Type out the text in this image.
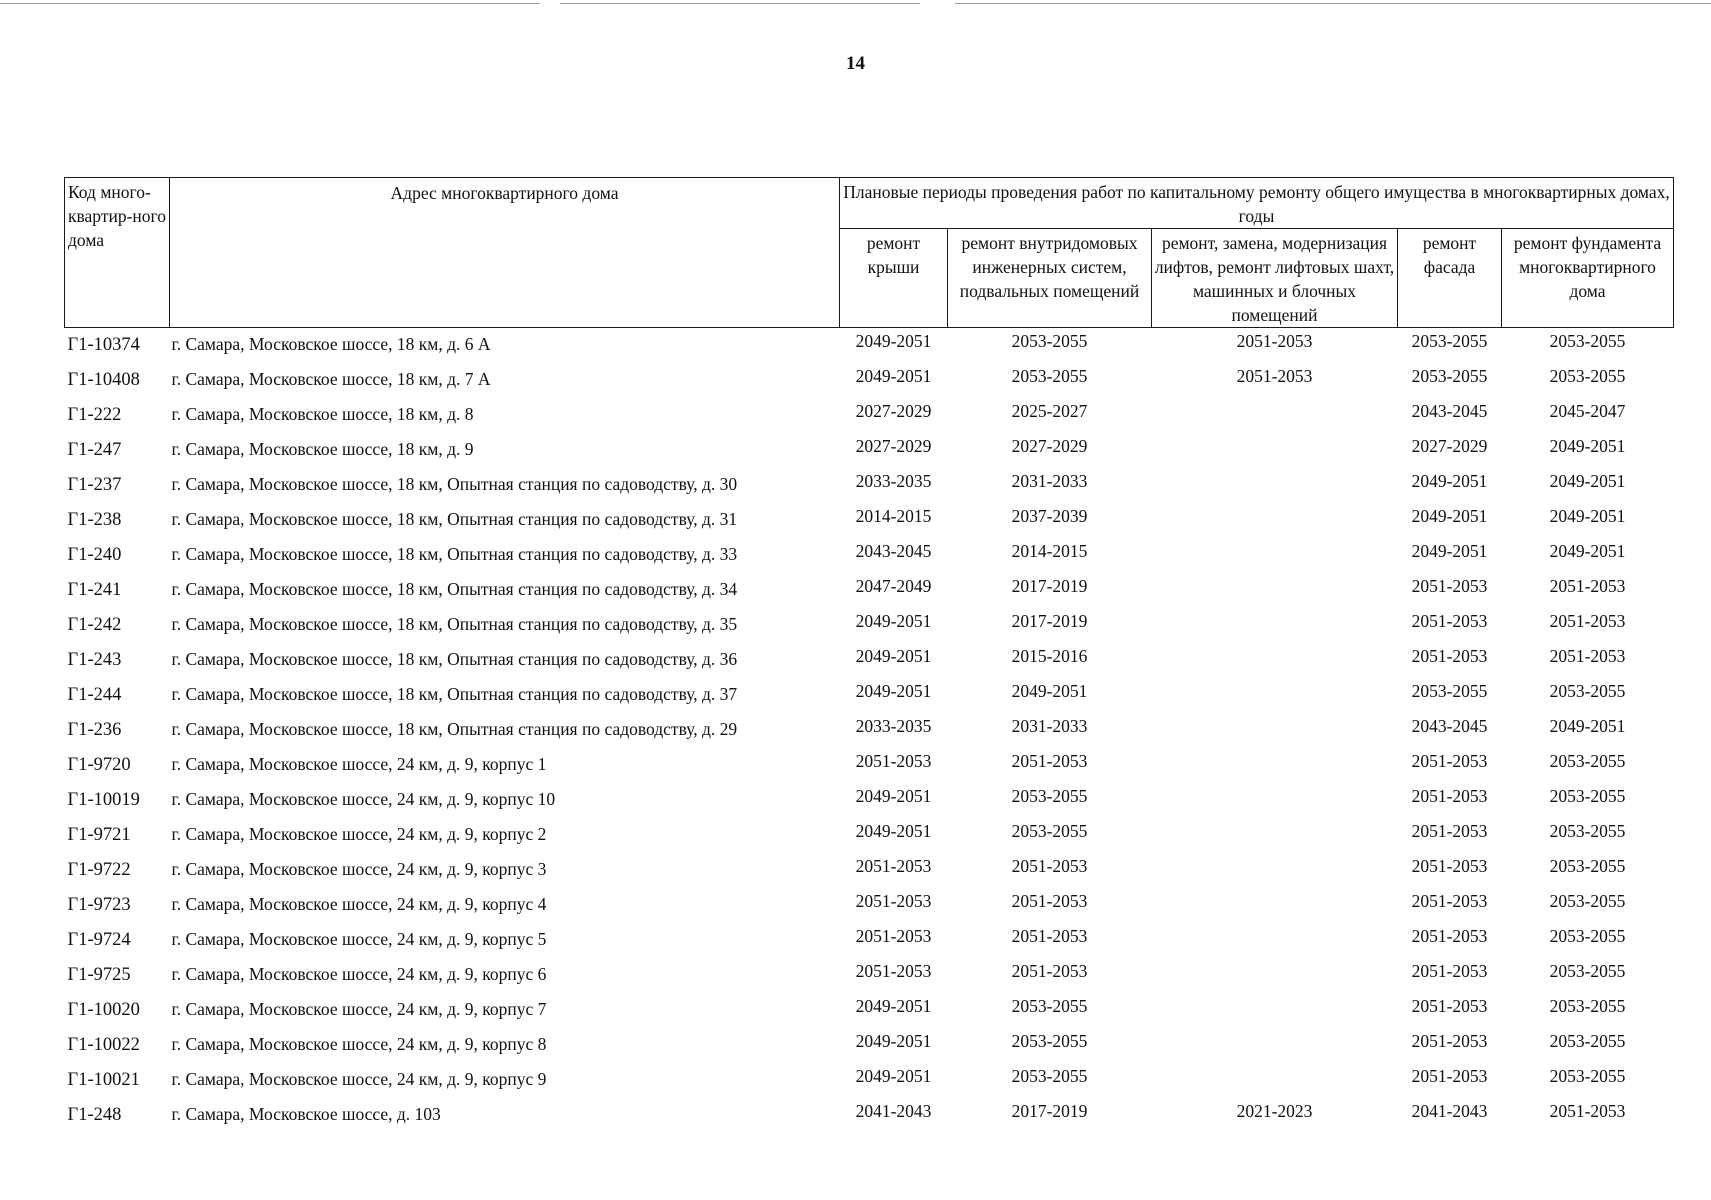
14
Код много-квартир-ного дома	Адрес многоквартирного дома	Плановые периоды проведения работ по капитальному ремонту общего имущества в многоквартирных домах, годы				
		ремонт крыши	ремонт внутридомовых инженерных систем, подвальных помещений	ремонт, замена, модернизация лифтов, ремонт лифтовых шахт, машинных и блочных помещений	ремонт фасада	ремонт фундамента многоквартирного дома
Г1-10374	г. Самара, Московское шоссе, 18 км, д. 6 А	2049-2051	2053-2055	2051-2053	2053-2055	2053-2055
Г1-10408	г. Самара, Московское шоссе, 18 км, д. 7 А	2049-2051	2053-2055	2051-2053	2053-2055	2053-2055
Г1-222	г. Самара, Московское шоссе, 18 км, д. 8	2027-2029	2025-2027		2043-2045	2045-2047
Г1-247	г. Самара, Московское шоссе, 18 км, д. 9	2027-2029	2027-2029		2027-2029	2049-2051
Г1-237	г. Самара, Московское шоссе, 18 км, Опытная станция по садоводству, д. 30	2033-2035	2031-2033		2049-2051	2049-2051
Г1-238	г. Самара, Московское шоссе, 18 км, Опытная станция по садоводству, д. 31	2014-2015	2037-2039		2049-2051	2049-2051
Г1-240	г. Самара, Московское шоссе, 18 км, Опытная станция по садоводству, д. 33	2043-2045	2014-2015		2049-2051	2049-2051
Г1-241	г. Самара, Московское шоссе, 18 км, Опытная станция по садоводству, д. 34	2047-2049	2017-2019		2051-2053	2051-2053
Г1-242	г. Самара, Московское шоссе, 18 км, Опытная станция по садоводству, д. 35	2049-2051	2017-2019		2051-2053	2051-2053
Г1-243	г. Самара, Московское шоссе, 18 км, Опытная станция по садоводству, д. 36	2049-2051	2015-2016		2051-2053	2051-2053
Г1-244	г. Самара, Московское шоссе, 18 км, Опытная станция по садоводству, д. 37	2049-2051	2049-2051		2053-2055	2053-2055
Г1-236	г. Самара, Московское шоссе, 18 км, Опытная станция по садоводству, д. 29	2033-2035	2031-2033		2043-2045	2049-2051
Г1-9720	г. Самара, Московское шоссе, 24 км, д. 9, корпус 1	2051-2053	2051-2053		2051-2053	2053-2055
Г1-10019	г. Самара, Московское шоссе, 24 км, д. 9, корпус 10	2049-2051	2053-2055		2051-2053	2053-2055
Г1-9721	г. Самара, Московское шоссе, 24 км, д. 9, корпус 2	2049-2051	2053-2055		2051-2053	2053-2055
Г1-9722	г. Самара, Московское шоссе, 24 км, д. 9, корпус 3	2051-2053	2051-2053		2051-2053	2053-2055
Г1-9723	г. Самара, Московское шоссе, 24 км, д. 9, корпус 4	2051-2053	2051-2053		2051-2053	2053-2055
Г1-9724	г. Самара, Московское шоссе, 24 км, д. 9, корпус 5	2051-2053	2051-2053		2051-2053	2053-2055
Г1-9725	г. Самара, Московское шоссе, 24 км, д. 9, корпус 6	2051-2053	2051-2053		2051-2053	2053-2055
Г1-10020	г. Самара, Московское шоссе, 24 км, д. 9, корпус 7	2049-2051	2053-2055		2051-2053	2053-2055
Г1-10022	г. Самара, Московское шоссе, 24 км, д. 9, корпус 8	2049-2051	2053-2055		2051-2053	2053-2055
Г1-10021	г. Самара, Московское шоссе, 24 км, д. 9, корпус 9	2049-2051	2053-2055		2051-2053	2053-2055
Г1-248	г. Самара, Московское шоссе, д. 103	2041-2043	2017-2019	2021-2023	2041-2043	2051-2053
